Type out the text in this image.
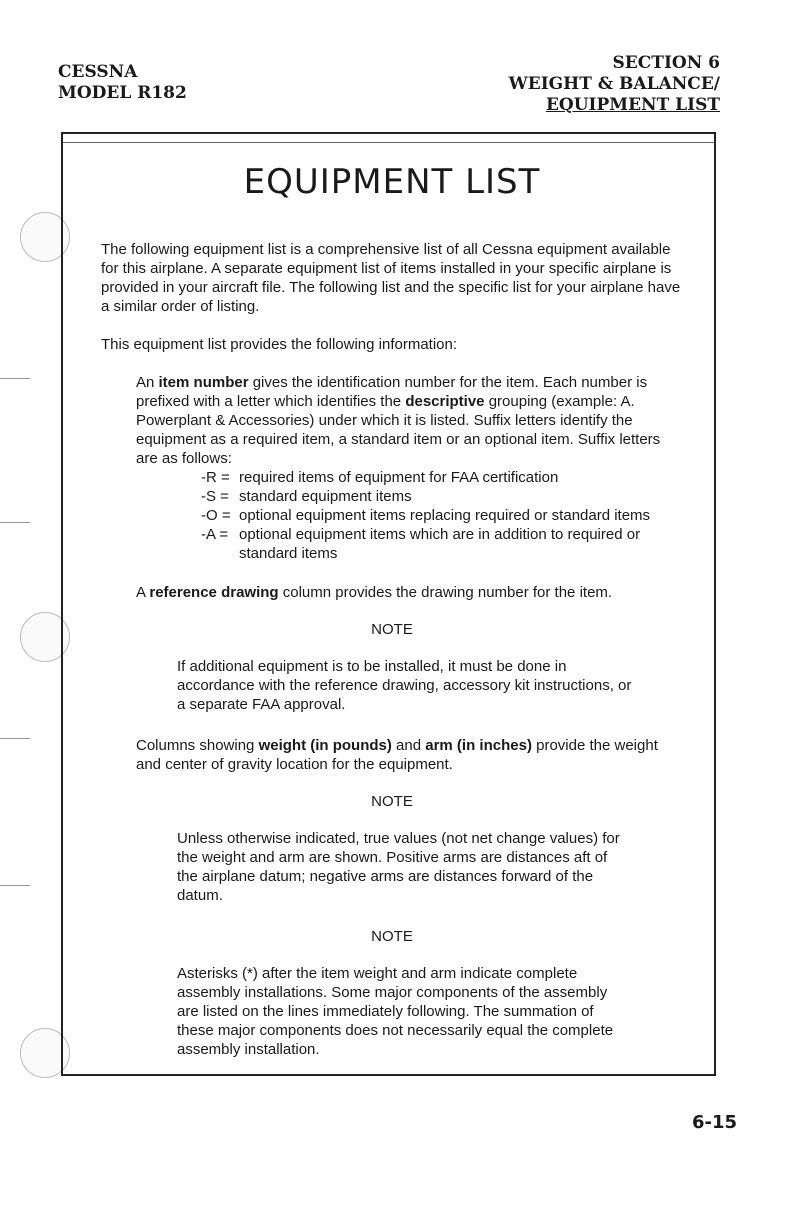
CESSNA
MODEL R182
SECTION 6
WEIGHT & BALANCE/
EQUIPMENT LIST
EQUIPMENT LIST

The following equipment list is a comprehensive list of all Cessna equipment available for this airplane. A separate equipment list of items installed in your specific airplane is provided in your aircraft file. The following list and the specific list for your airplane have a similar order of listing.

This equipment list provides the following information:

An item number gives the identification number for the item. Each number is prefixed with a letter which identifies the descriptive grouping (example: A. Powerplant & Accessories) under which it is listed. Suffix letters identify the equipment as a required item, a standard item or an optional item. Suffix letters are as follows:

-R = required items of equipment for FAA certification
-S = standard equipment items
-O = optional equipment items replacing required or standard items
-A = optional equipment items which are in addition to required or standard items

A reference drawing column provides the drawing number for the item.

NOTE

If additional equipment is to be installed, it must be done in accordance with the reference drawing, accessory kit instructions, or a separate FAA approval.

Columns showing weight (in pounds) and arm (in inches) provide the weight and center of gravity location for the equipment.

NOTE

Unless otherwise indicated, true values (not net change values) for the weight and arm are shown. Positive arms are distances aft of the airplane datum; negative arms are distances forward of the datum.

NOTE

Asterisks (*) after the item weight and arm indicate complete assembly installations. Some major components of the assembly are listed on the lines immediately following. The summation of these major components does not necessarily equal the complete assembly installation.

6-15
